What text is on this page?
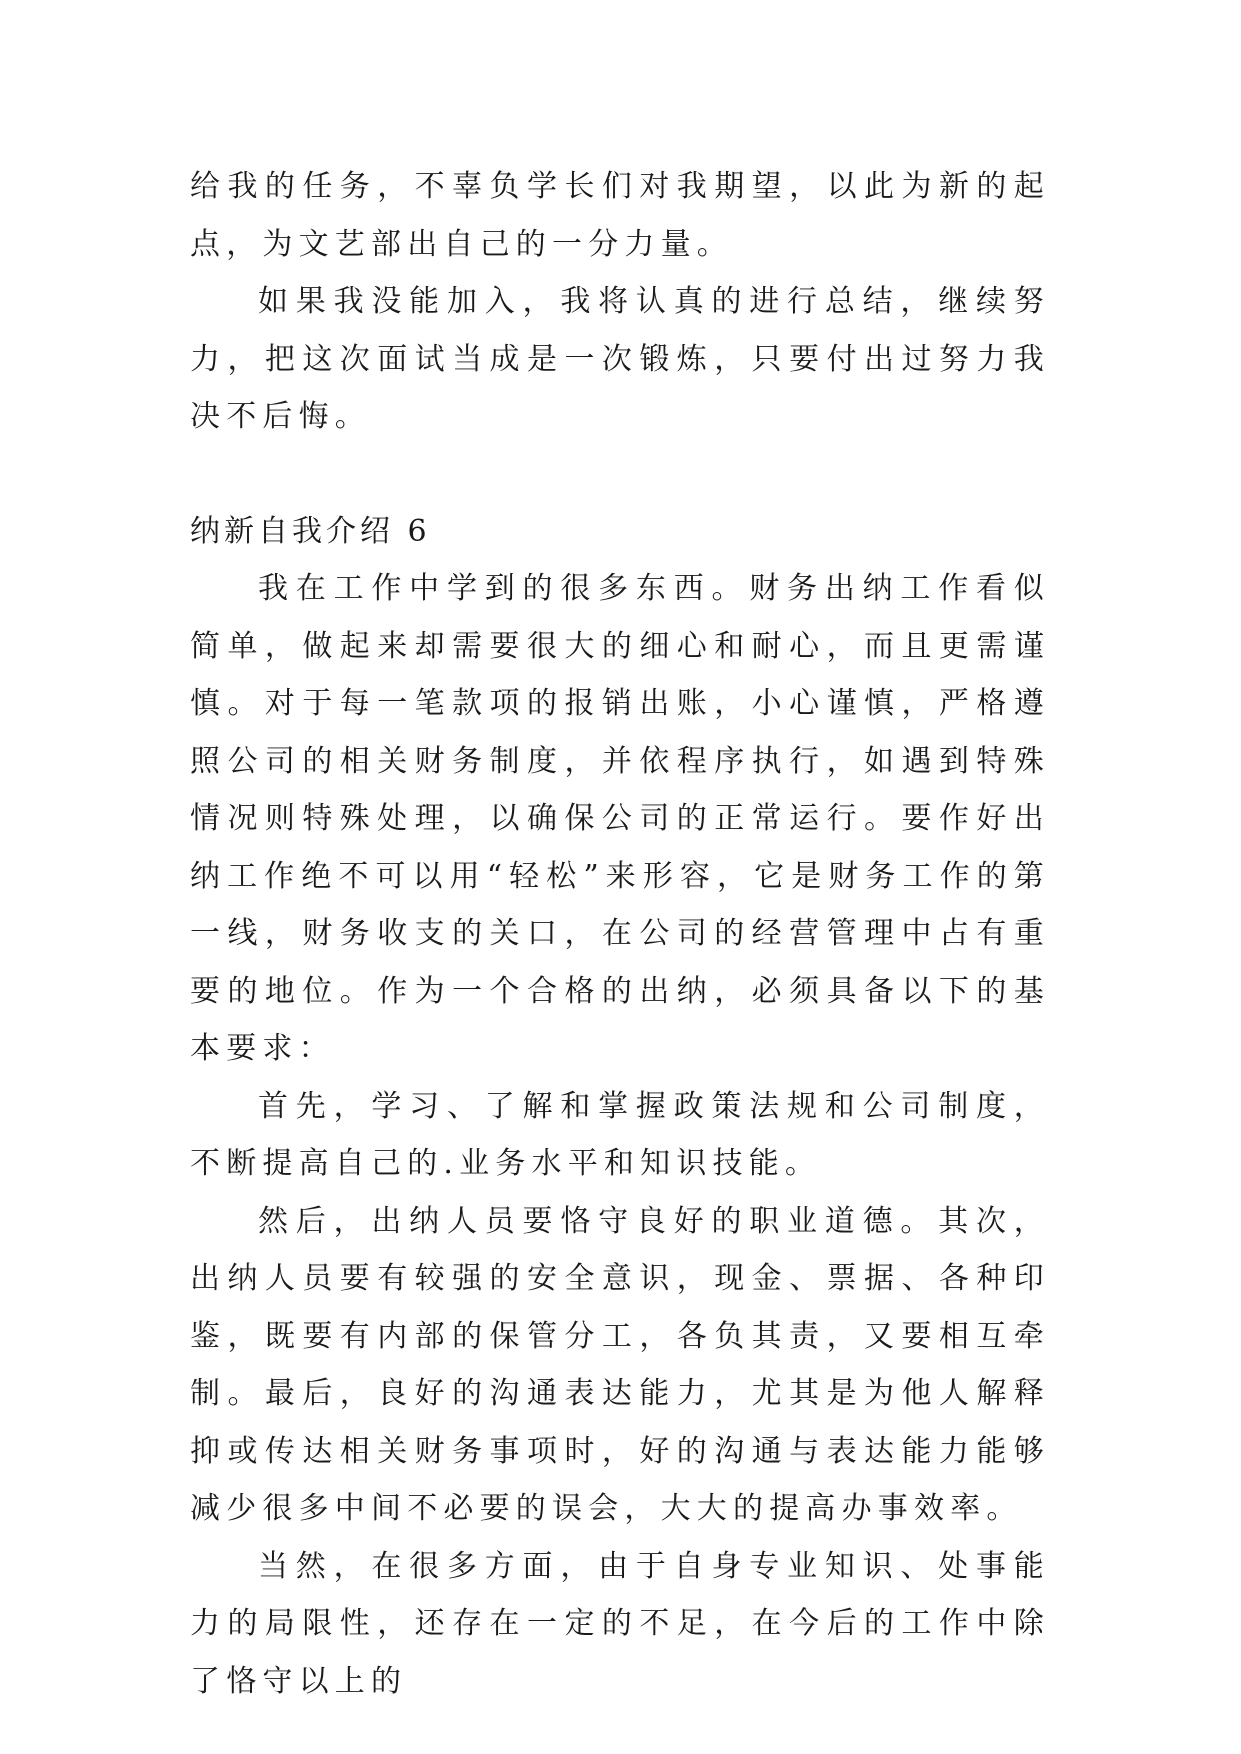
给我的任务，不辜负学长们对我期望，以此为新的起点，为文艺部出自己的一分力量。

如果我没能加入，我将认真的进行总结，继续努力，把这次面试当成是一次锻炼，只要付出过努力我决不后悔。

纳新自我介绍 6

我在工作中学到的很多东西。财务出纳工作看似简单，做起来却需要很大的细心和耐心，而且更需谨慎。对于每一笔款项的报销出账，小心谨慎，严格遵照公司的相关财务制度，并依程序执行，如遇到特殊情况则特殊处理，以确保公司的正常运行。要作好出纳工作绝不可以用“轻松”来形容，它是财务工作的第一线，财务收支的关口，在公司的经营管理中占有重要的地位。作为一个合格的出纳，必须具备以下的基本要求：

首先，学习、了解和掌握政策法规和公司制度，不断提高自己的.业务水平和知识技能。

然后，出纳人员要恪守良好的职业道德。其次，出纳人员要有较强的安全意识，现金、票据、各种印鉴，既要有内部的保管分工，各负其责，又要相互牵制。最后，良好的沟通表达能力，尤其是为他人解释抑或传达相关财务事项时，好的沟通与表达能力能够减少很多中间不必要的误会，大大的提高办事效率。

当然，在很多方面，由于自身专业知识、处事能力的局限性，还存在一定的不足，在今后的工作中除了恪守以上的
